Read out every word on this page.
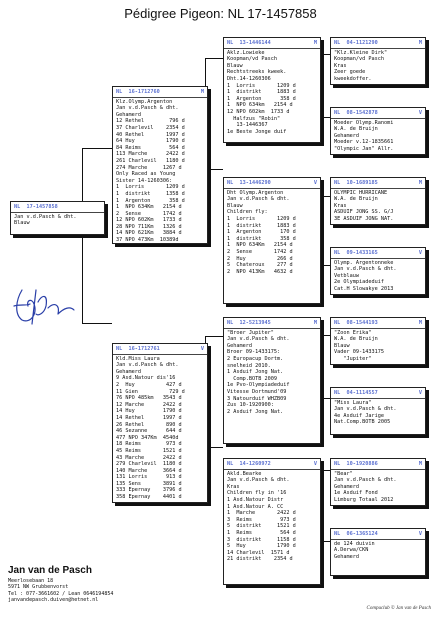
Pédigree Pigeon: NL 17-1457858
NL  17-1457858
Jan v.d.Pasch & dht.
Blauw
NL  16-1712760	M
Klz.Olymp.Argenton
Jan v.d.Pasch & dht.
Gehamerd
12 Rethel        796 d
37 Charlevil    2354 d
40 Rethel       1997 d
64 Huy          1790 d
84 Reims         564 d
113 Marche      2422 d
261 Charlevil   1180 d
274 Marche     1267 d
Only Raced as Young
Sister 14-1260306:
1  Lorris       1209 d
1  distrikt     1358 d
1  Argenton      358 d
1  NPO 634Km   2154 d
2  Sense       1742 d
12 NPO 602Km   1733 d
28 NPO 711Km   1326 d
14 NPO 621Km   3884 d
37 NPO 473Km  10389d
NL  16-1712761	V
Kld.Miss Laura
Jan v.d.Pasch & dht.
Gehamerd
9 Asd.Natour dis'16
2  Huy          427 d
11 Gien          729 d
76 NPO 485km   3543 d
12 Marche      2422 d
14 Huy         1790 d
14 Rethel      1997 d
26 Rethel       890 d
46 Sezanne      644 d
477 NPO 347Km  4540d
18 Reims        973 d
45 Reims       1521 d
43 Marche      2422 d
279 Charlevil  1180 d
140 Marche     3664 d
131 Lorris      913 d
135 Sens       3891 d
333 Epernay    3796 d
358 Epernay    4401 d
NL  13-1446144	M
Aklz.Lowieke
Koopman/vd Pasch
Blauw
Rechtstreeks kweek.
Dht.14-1260306
1  Lorris       1209 d
1  distrikt     1883 d
1  Argenton      358 d
1  NPO 634km   2154 d
12 NPO 602km  1733 d
Halfzus "Robin"
13-1446367
1e Beste Jonge duif
NL  13-1446290	V
Dht Olymp.Argenton
Jan v.d.Pasch & dht.
Blauw
Children fly:
1  Lorris       1209 d
1  distrikt     1883 d
1  Argenton      170 d
1  distrikt      358 d
1  NPO 634Km   2154 d
2  Sense       1742 d
2  Huy          266 d
5  Chateroux    277 d
2  NPO 413Km   4632 d
NL  12-5213945	M
"Broer Jupiter"
Jan v.d.Pasch & dht.
Gehamerd
Broer 09-1433175:
2 Europacup Dortm.
snelheid 2010.
1 Asduif Jong Nat.
Comp.BOTB 2009
1e Pvo-Olympiadeduif
Vitesse Dortmund'09
3 Natourduif WHZB09
Zus 10-1920900:
2 Asduif Jong Nat.
NL  14-1260972	V
Akld.Bearke
Jan v.d.Pasch & dht.
Kras
Children fly in '16
1 Asd.Natour Distr
1 Asd.Natour A. CC
1  Marche       2422 d
3  Reims         973 d
5  distrikt     1521 d
1  Reims         564 d
3  distrikt     1158 d
5  Huy          1790 d
14 Charlevil  1571 d
21 distrikt    2354 d
NL  04-1121290	M
"Klz.Kleine Dirk"
Koopman/vd Pasch
Kras
Zeer goede
kweekdoffer.
NL  08-1542878	V
Moeder Olymp.Ranomi
W.A. de Bruijn
Gehamerd
Moeder v.12-1835661
"Olympic Jan" Allr.
NL  10-1689185	M
OLYMPIC HURRICANE
W.A. de Bruijn
Kras
ASDUIF JONG SS. G/J
3E ASDUIF JONG NAT.
NL  09-1433165	V
Olymp. Argentonneke
Jan v.d.Pasch & dht.
Vetblauw
2e Olympiadeduif
Cat.H Slowakye 2013
NL  08-1544193	M
"Zoon Erika"
W.A. de Bruijn
Blauw
Vader 09-1433175
"Jupiter"
NL  04-1114557	V
"Miss Laura"
Jan v.d.Pasch & dht.
4e Asduif Jarige
Nat.Comp.BOTB 2005
NL  10-1920886	M
"Bear"
Jan v.d.Pasch & dht.
Gehamerd
1e Asduif Fond
Limburg Totaal 2012
NL  06-1365124	V
de 124 duivin
A.Derwa/CKN
Gehamerd
Jan van de Pasch
Meerlosebaan 18
5971 NW Grubbenvorst
Tel : 077-3661602 / Lean 0646194854
janvandepasch.duiven@hetnet.nl
Compuclub © Jan van de Pasch
